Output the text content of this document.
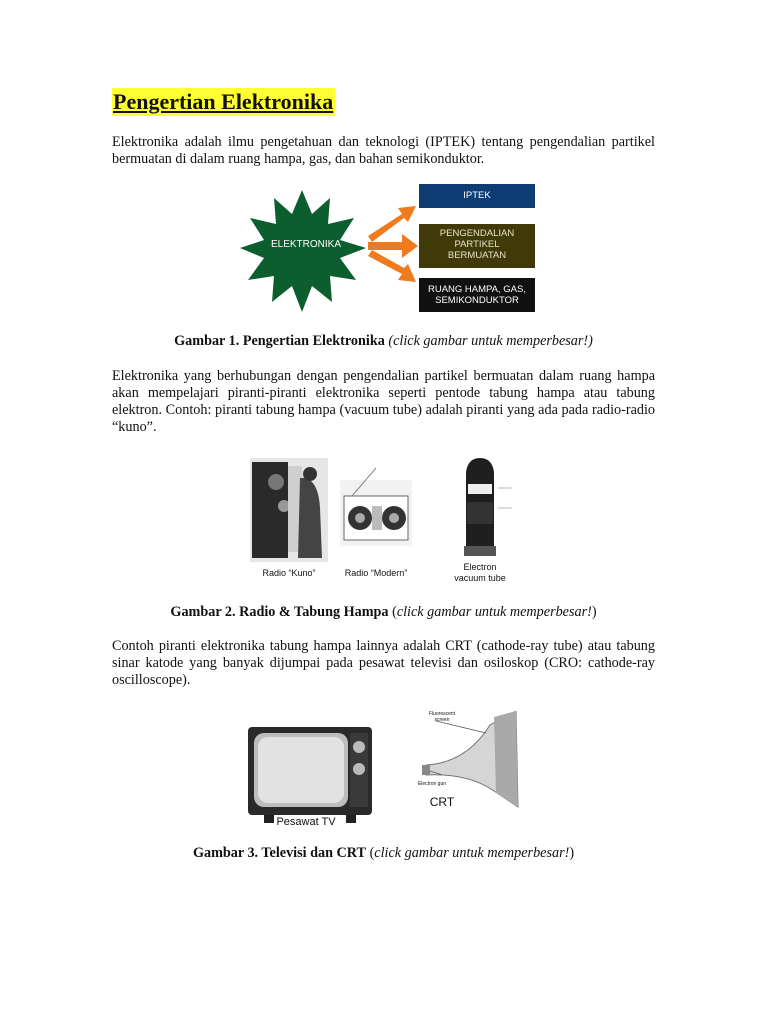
Pengertian Elektronika

Elektronika adalah ilmu pengetahuan dan teknologi (IPTEK) tentang pengendalian partikel bermuatan di dalam ruang hampa, gas, dan bahan semikonduktor.

ELEKTRONIKA
IPTEK
PENGENDALIAN
PARTIKEL
BERMUATAN
RUANG HAMPA, GAS,
SEMIKONDUKTOR
Gambar 1. Pengertian Elektronika (click gambar untuk memperbesar!)

Elektronika yang berhubungan dengan pengendalian partikel bermuatan dalam ruang hampa akan mempelajari piranti-piranti elektronika seperti pentode tabung hampa atau tabung elektron. Contoh: piranti tabung hampa (vacuum tube) adalah piranti yang ada pada radio-radio “kuno”.

Radio “Kuno”	Radio “Modern”
Electron
vacuum tube
Gambar 2. Radio & Tabung Hampa (click gambar untuk memperbesar!)

Contoh piranti elektronika tabung hampa lainnya adalah CRT (cathode-ray tube) atau tabung sinar katode yang banyak dijumpai pada pesawat televisi dan osiloskop (CRO: cathode-ray oscilloscope).

Fluorescent screen
Electron gun
CRT
Pesawat TV
Gambar 3. Televisi dan CRT (click gambar untuk memperbesar!)
